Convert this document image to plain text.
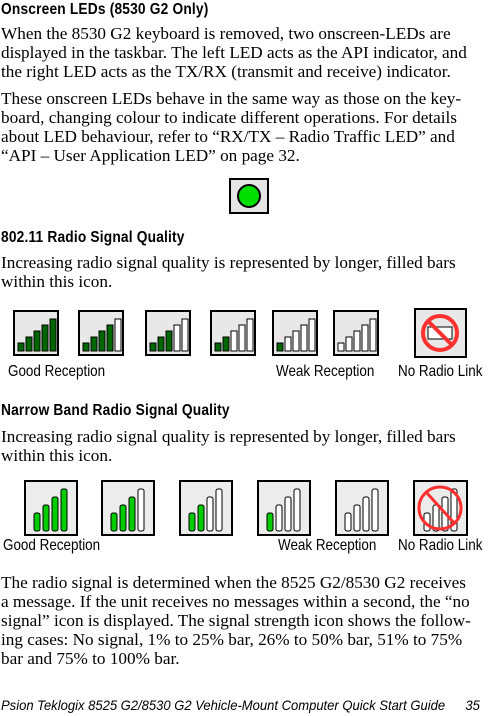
Onscreen LEDs (8530 G2 Only)
When the 8530 G2 keyboard is removed, two onscreen-LEDs are
displayed in the taskbar. The left LED acts as the API indicator, and
the right LED acts as the TX/RX (transmit and receive) indicator.
These onscreen LEDs behave in the same way as those on the key-
board, changing colour to indicate different operations. For details
about LED behaviour, refer to “RX/TX – Radio Traffic LED” and
“API – User Application LED” on page 32.
802.11 Radio Signal Quality
Increasing radio signal quality is represented by longer, filled bars
within this icon.
Good Reception	Weak Reception No Radio Link
Narrow Band Radio Signal Quality
Increasing radio signal quality is represented by longer, filled bars
within this icon.
Good Reception	Weak Reception No Radio Link
The radio signal is determined when the 8525 G2/8530 G2 receives
a message. If the unit receives no messages within a second, the “no
signal” icon is displayed. The signal strength icon shows the follow-
ing cases: No signal, 1% to 25% bar, 26% to 50% bar, 51% to 75%
bar and 75% to 100% bar.
Psion Teklogix 8525 G2/8530 G2 Vehicle-Mount Computer Quick Start Guide 35
